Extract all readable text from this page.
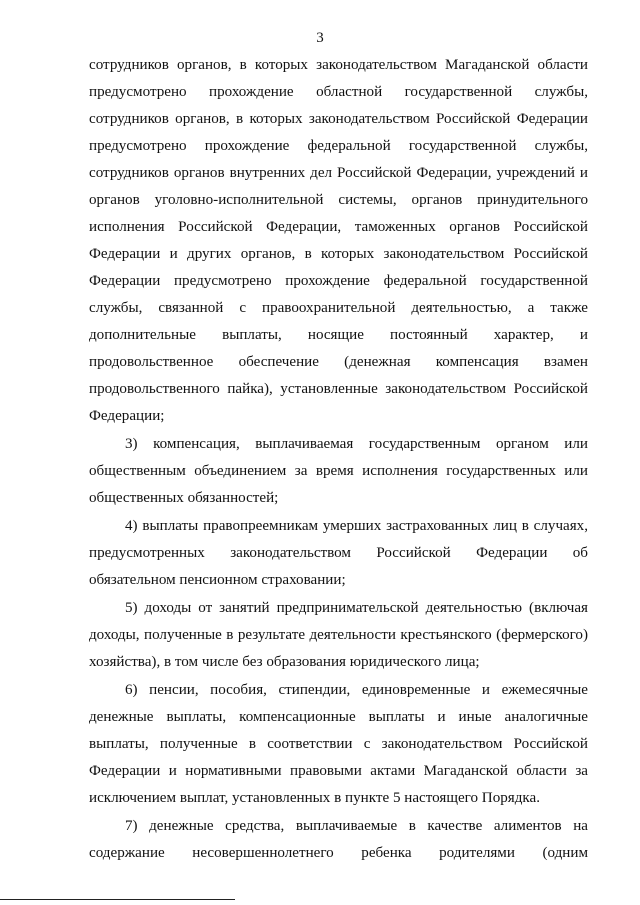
3

сотрудников органов, в которых законодательством Магаданской области предусмотрено прохождение областной государственной службы, сотрудников органов, в которых законодательством Российской Федерации предусмотрено прохождение федеральной государственной службы, сотрудников органов внутренних дел Российской Федерации, учреждений и органов уголовно-исполнительной системы, органов принудительного исполнения Российской Федерации, таможенных органов Российской Федерации и других органов, в которых законодательством Российской Федерации предусмотрено прохождение федеральной государственной службы, связанной с правоохранительной деятельностью, а также дополнительные выплаты, носящие постоянный характер, и продовольственное обеспечение (денежная компенсация взамен продовольственного пайка), установленные законодательством Российской Федерации;

3) компенсация, выплачиваемая государственным органом или общественным объединением за время исполнения государственных или общественных обязанностей;

4) выплаты правопреемникам умерших застрахованных лиц в случаях, предусмотренных законодательством Российской Федерации об обязательном пенсионном страховании;

5) доходы от занятий предпринимательской деятельностью (включая доходы, полученные в результате деятельности крестьянского (фермерского) хозяйства), в том числе без образования юридического лица;

6) пенсии, пособия, стипендии, единовременные и ежемесячные денежные выплаты, компенсационные выплаты и иные аналогичные выплаты, полученные в соответствии с законодательством Российской Федерации и нормативными правовыми актами Магаданской области за исключением выплат, установленных в пункте 5 настоящего Порядка.

7) денежные средства, выплачиваемые в качестве алиментов на содержание несовершеннолетнего ребенка родителями (одним
